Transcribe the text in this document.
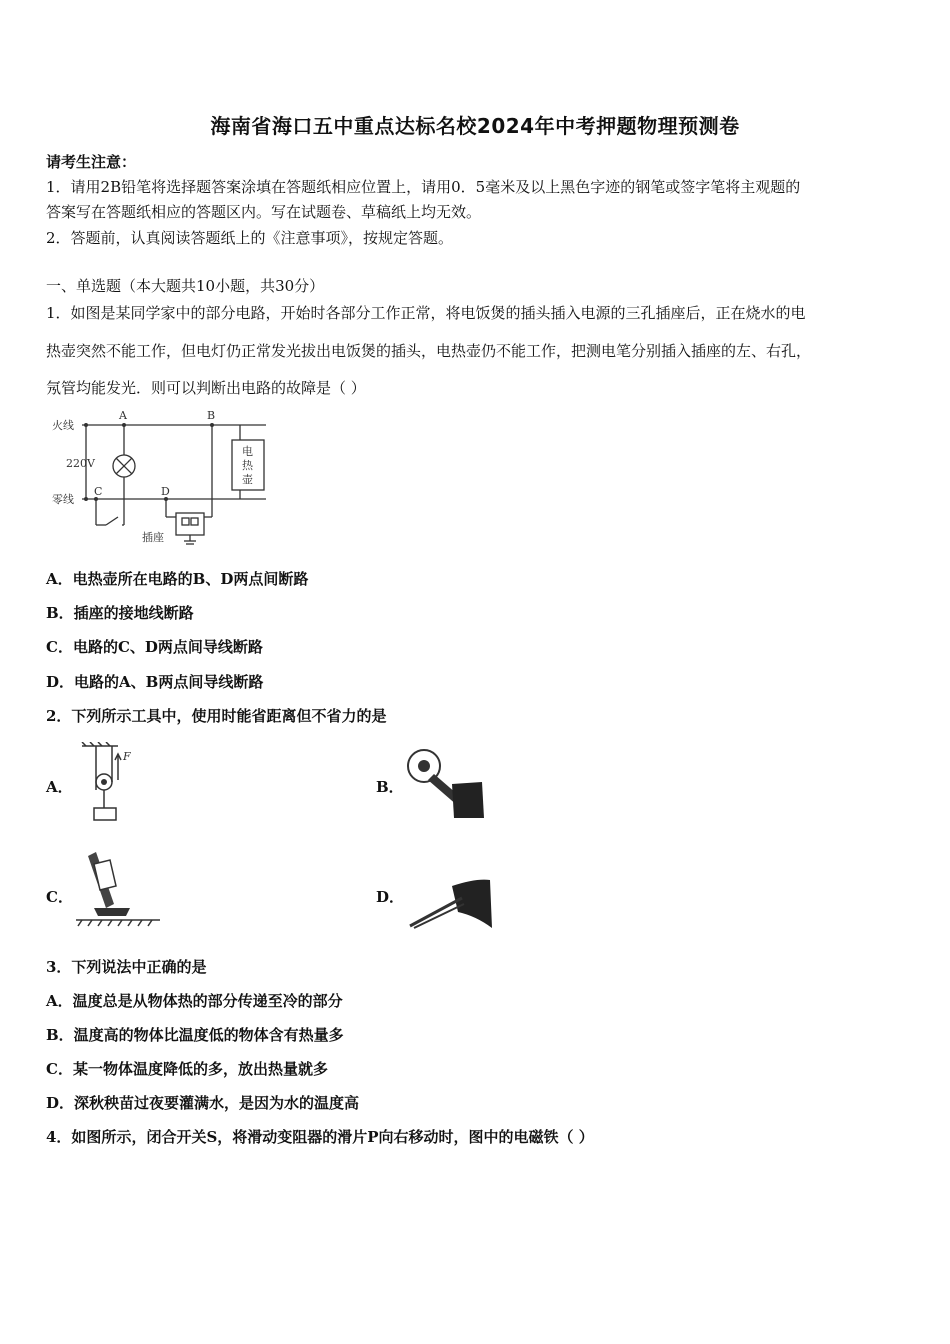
海南省海口五中重点达标名校2024年中考押题物理预测卷
请考生注意：
1．请用2B铅笔将选择题答案涂填在答题纸相应位置上，请用0．5毫米及以上黑色字迹的钢笔或签字笔将主观题的
答案写在答题纸相应的答题区内。写在试题卷、草稿纸上均无效。
2．答题前，认真阅读答题纸上的《注意事项》，按规定答题。
一、单选题（本大题共10小题，共30分）
1．如图是某同学家中的部分电路，开始时各部分工作正常，将电饭煲的插头插入电源的三孔插座后，正在烧水的电
热壶突然不能工作，但电灯仍正常发光拔出电饭煲的插头，电热壶仍不能工作，把测电笔分别插入插座的左、右孔，
氖管均能发光．则可以判断出电路的故障是（ ）
火线
零线
220V
A	B
C	D
电
热
壶
插座
A．电热壶所在电路的B、D两点间断路
B．插座的接地线断路
C．电路的C、D两点间导线断路
D．电路的A、B两点间导线断路
2．下列所示工具中，使用时能省距离但不省力的是
A．
F
B．
C．	D．
3．下列说法中正确的是
A．温度总是从物体热的部分传递至冷的部分
B．温度高的物体比温度低的物体含有热量多
C．某一物体温度降低的多，放出热量就多
D．深秋秧苗过夜要灌满水，是因为水的温度高
4．如图所示，闭合开关S，将滑动变阻器的滑片P向右移动时，图中的电磁铁（ ）
